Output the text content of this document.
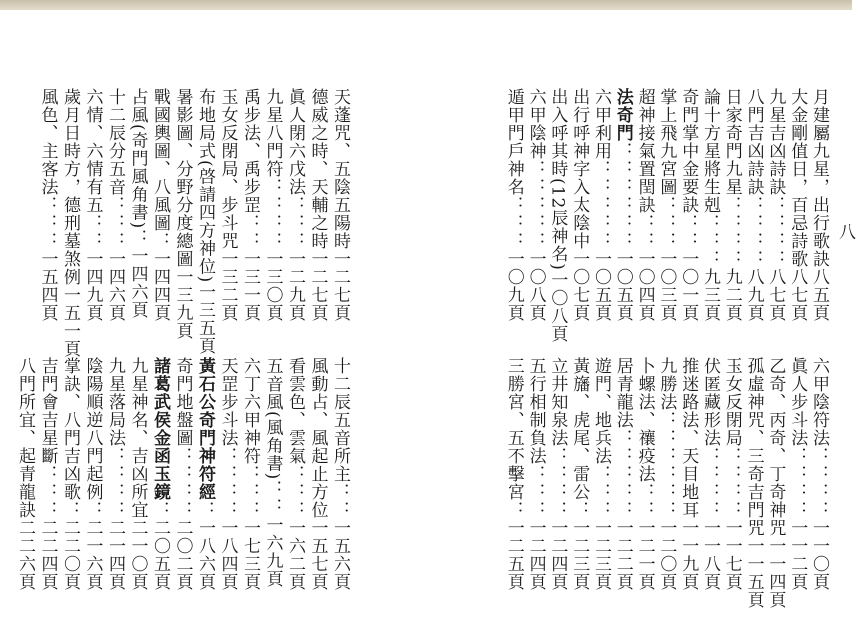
月建屬九星，出行歌訣八五頁
大金剛值日，百忌詩歌八七頁
九星吉凶詩訣：：：：八七頁
八門吉凶詩訣：：：：八九頁
日家奇門九星：：：：九二頁
論十方星將生剋：：：九三頁
奇門掌中金要訣：：一〇一頁
掌上飛九宮圖：：：一〇三頁
超神接氣置閏訣：：一〇四頁
法奇門：：：：：：一〇五頁
六甲利用：：：：：一〇五頁
出行呼神字入太陰中一〇七頁
出入呼其時(12辰神名)一〇八頁
六甲陰神：：：：：一〇八頁
遁甲門戶神名：：：一〇九頁
六甲陰符法：：：：一一〇頁
眞人步斗法：：：：一一二頁
乙奇、丙奇、丁奇神咒一一四頁
孤虛神咒、三奇吉門咒一一五頁
玉女反閉局：：：：一一七頁
伏匿藏形法：：：：一一八頁
推迷路法、天目地耳一一九頁
九勝法：：：：：：一二〇頁
卜螺法、禳疫法：：一二一頁
居青龍法：：：：：一二二頁
遊門、地兵法：：：一二三頁
黃旛、虎尾、雷公：一二三頁
立井知泉法：：：：一二四頁
五行相制負法：：：一二四頁
三勝宮、五不擊宮：一二五頁
天蓬咒、五陰五陽時一二七頁
德威之時、天輔之時一二七頁
眞人閉六戊法：：：一二九頁
九星八門符：：：：一三〇頁
禹步法、禹步罡：：一三一頁
玉女反閉局、步斗咒一三二頁
布地局式(啓請四方神位)一三五頁
暑影圖、分野分度總圖一三九頁
戰國輿圖、八風圖：一四四頁
占風(奇門風角書)：一四六頁
十二辰分五音：：：一四六頁
六情、六情有五：：一四九頁
歲月日時方，德刑墓煞例一五一頁
風色、主客法：：：一五四頁
十二辰五音所主：：一五六頁
風動占、風起止方位一五七頁
看雲色、雲氣：：：一六二頁
五音風(風角書)：：一六九頁
六丁六甲神符：：：一七三頁
天罡步斗法：：：：一八四頁
黃石公奇門神符經：一八六頁
奇門地盤圖：：：：二〇二頁
諸葛武侯金函玉鏡：二〇五頁
九星神名、吉凶所宜二一〇頁
九星落局法：：：：二一四頁
陰陽順逆八門起例：二一六頁
掌訣、八門吉凶歌：二二〇頁
吉門會吉星斷：：：二二四頁
八門所宜、起青龍訣二二六頁
八
